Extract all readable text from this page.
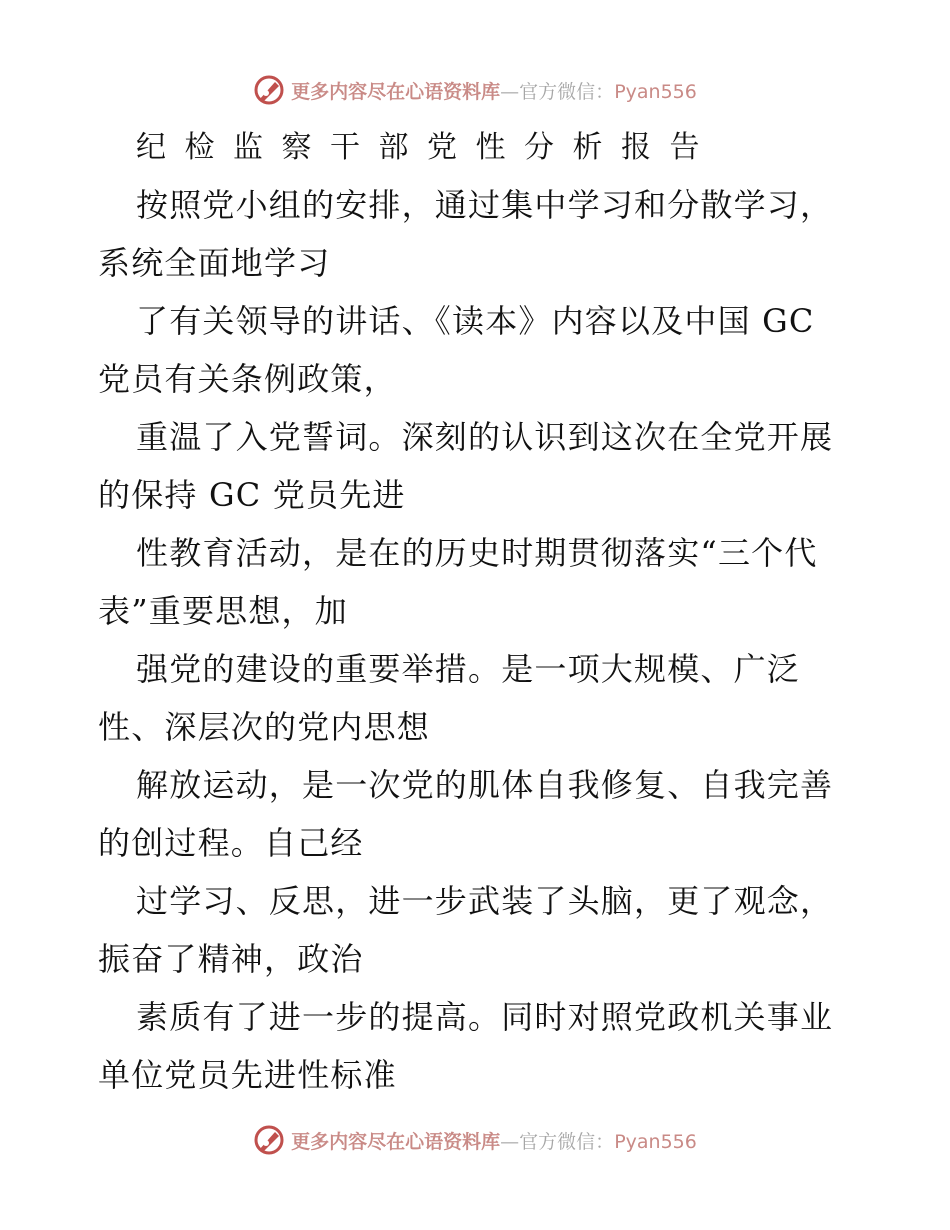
更多内容尽在心语资料库—官方微信：Pyan556
纪检监察干部党性分析报告

按照党小组的安排，通过集中学习和分散学习，系统全面地学习

了有关领导的讲话、《读本》内容以及中国 GC 党员有关条例政策，

重温了入党誓词。深刻的认识到这次在全党开展的保持 GC 党员先进

性教育活动，是在的历史时期贯彻落实“三个代表”重要思想，加

强党的建设的重要举措。是一项大规模、广泛性、深层次的党内思想

解放运动，是一次党的肌体自我修复、自我完善的创过程。自己经

过学习、反思，进一步武装了头脑，更了观念，振奋了精神，政治

素质有了进一步的提高。同时对照党政机关事业单位党员先进性标准

更多内容尽在心语资料库—官方微信：Pyan556
